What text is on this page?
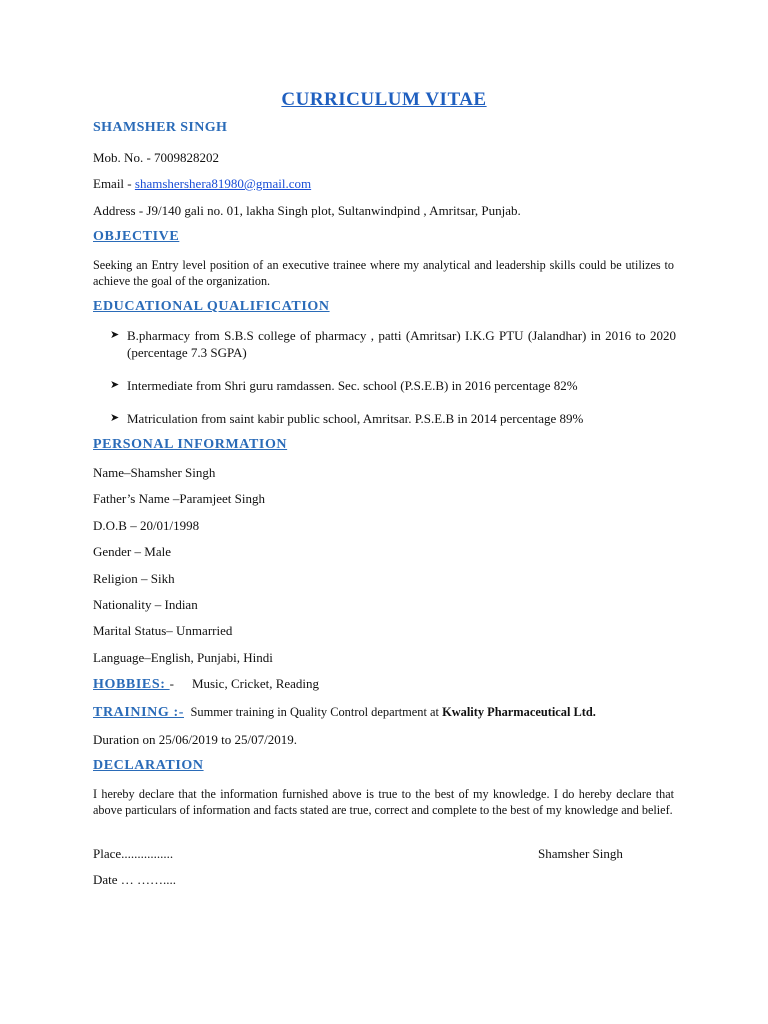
CURRICULUM VITAE
SHAMSHER SINGH
Mob. No. - 7009828202
Email - shamshershera81980@gmail.com
Address - J9/140 gali no. 01, lakha Singh plot, Sultanwindpind , Amritsar, Punjab.
OBJECTIVE
Seeking an Entry level position of an executive trainee where my analytical and leadership skills could be utilizes to achieve the goal of the organization.
EDUCATIONAL QUALIFICATION
➤ B.pharmacy from S.B.S college of pharmacy , patti (Amritsar) I.K.G PTU (Jalandhar) in 2016 to 2020 (percentage 7.3 SGPA)
➤ Intermediate from Shri guru ramdassen. Sec. school (P.S.E.B) in 2016 percentage 82%
➤ Matriculation from saint kabir public school, Amritsar. P.S.E.B in 2014 percentage 89%
PERSONAL INFORMATION
Name–Shamsher Singh
Father’s Name –Paramjeet Singh
D.O.B – 20/01/1998
Gender – Male
Religion – Sikh
Nationality – Indian
Marital Status– Unmarried
Language–English, Punjabi, Hindi
HOBBIES: - Music, Cricket, Reading
TRAINING :- Summer training in Quality Control department at Kwality Pharmaceutical Ltd.
Duration on 25/06/2019 to 25/07/2019.
DECLARATION
I hereby declare that the information furnished above is true to the best of my knowledge. I do hereby declare that above particulars of information and facts stated are true, correct and complete to the best of my knowledge and belief.
Place................	Shamsher Singh
Date … ……....
